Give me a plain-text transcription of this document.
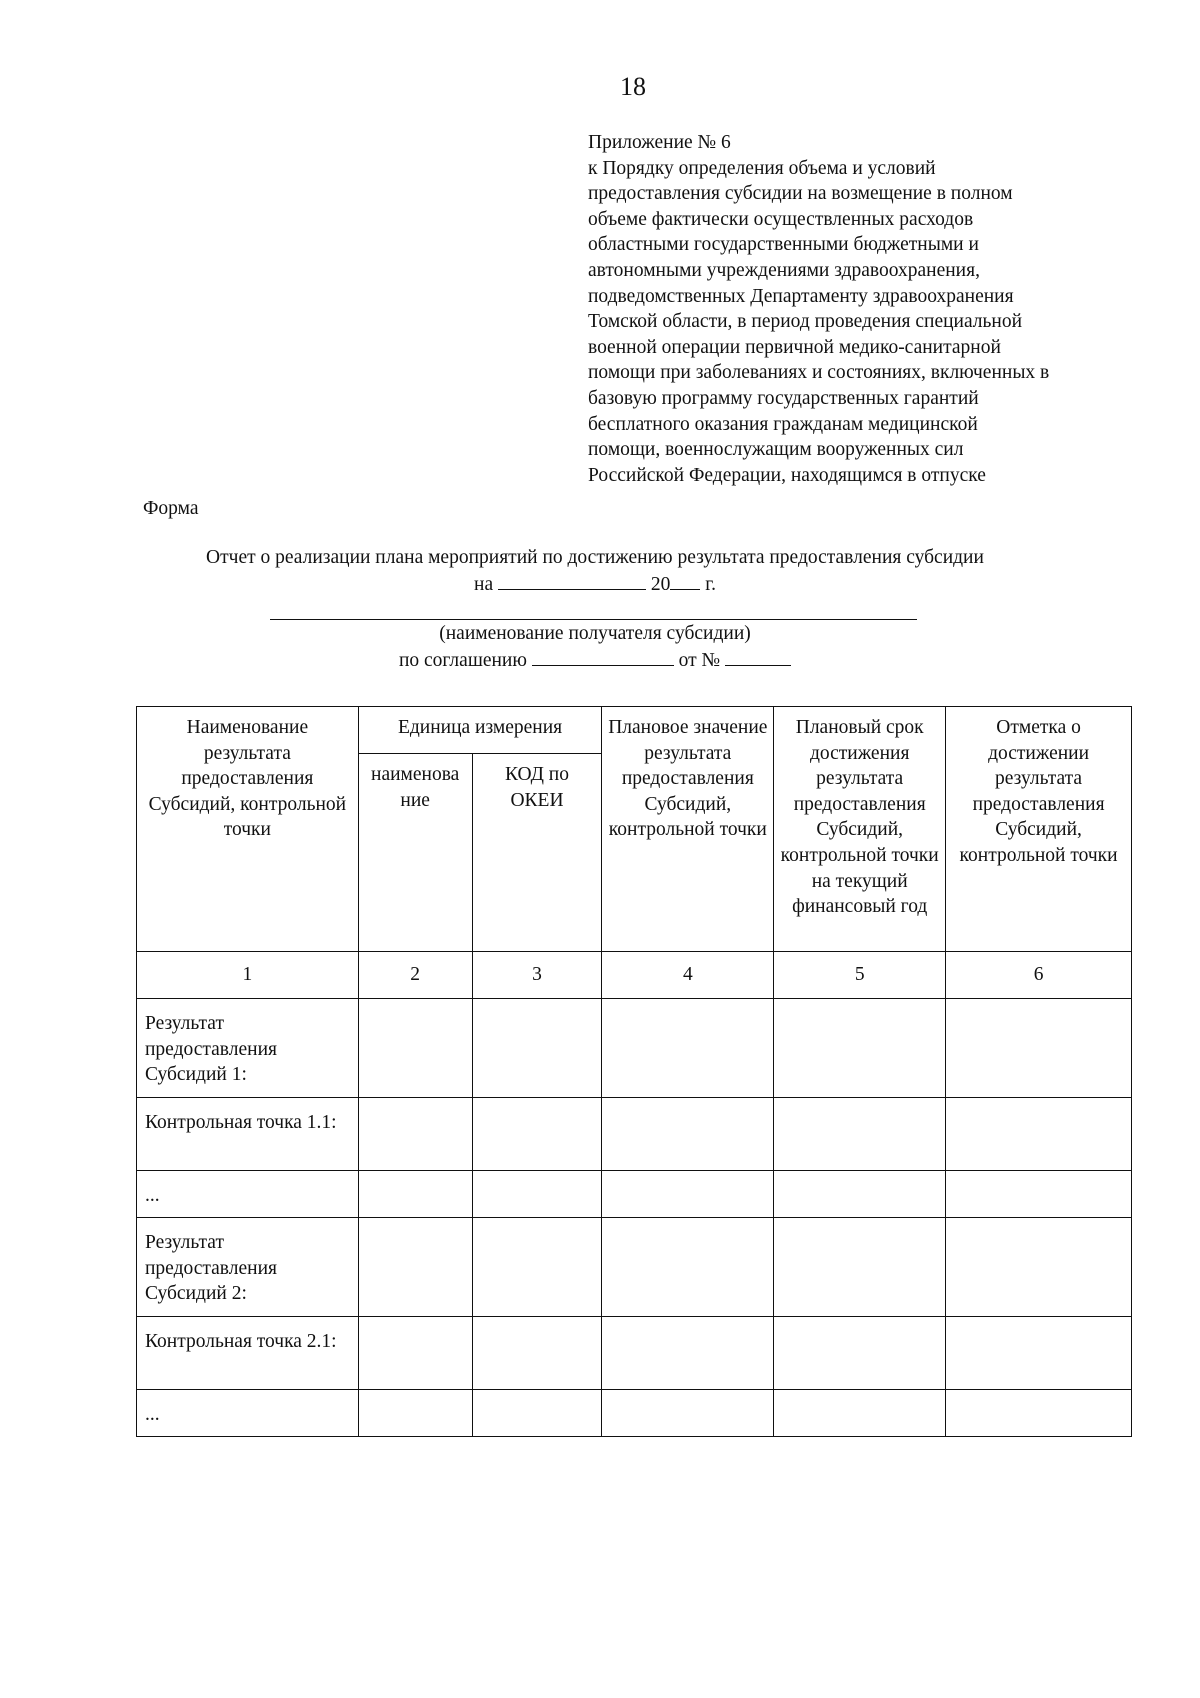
18
Приложение № 6
к Порядку определения объема и условий
предоставления субсидии на возмещение в полном
объеме фактически осуществленных расходов
областными государственными бюджетными и
автономными учреждениями здравоохранения,
подведомственных Департаменту здравоохранения
Томской области, в период проведения специальной
военной операции первичной медико-санитарной
помощи при заболеваниях и состояниях, включенных в
базовую программу государственных гарантий
бесплатного оказания гражданам медицинской
помощи, военнослужащим вооруженных сил
Российской Федерации, находящимся в отпуске
Форма
Отчет о реализации плана мероприятий по достижению результата предоставления субсидии
на	20 г.
(наименование получателя субсидии)
по соглашению	от №
Наименование результата предоставления Субсидий, контрольной точки	Единица измерения		Плановое значение результата предоставления Субсидий, контрольной точки	Плановый срок достижения результата предоставления Субсидий, контрольной точки на текущий финансовый год	Отметка о достижении результата предоставления Субсидий, контрольной точки
	наименова ние	КОД по ОКЕИ			
1	2	3	4	5	6
Результат предоставления Субсидий 1:					
Контрольная точка 1.1:					
...					
Результат предоставления Субсидий 2:					
Контрольная точка 2.1:					
...					
